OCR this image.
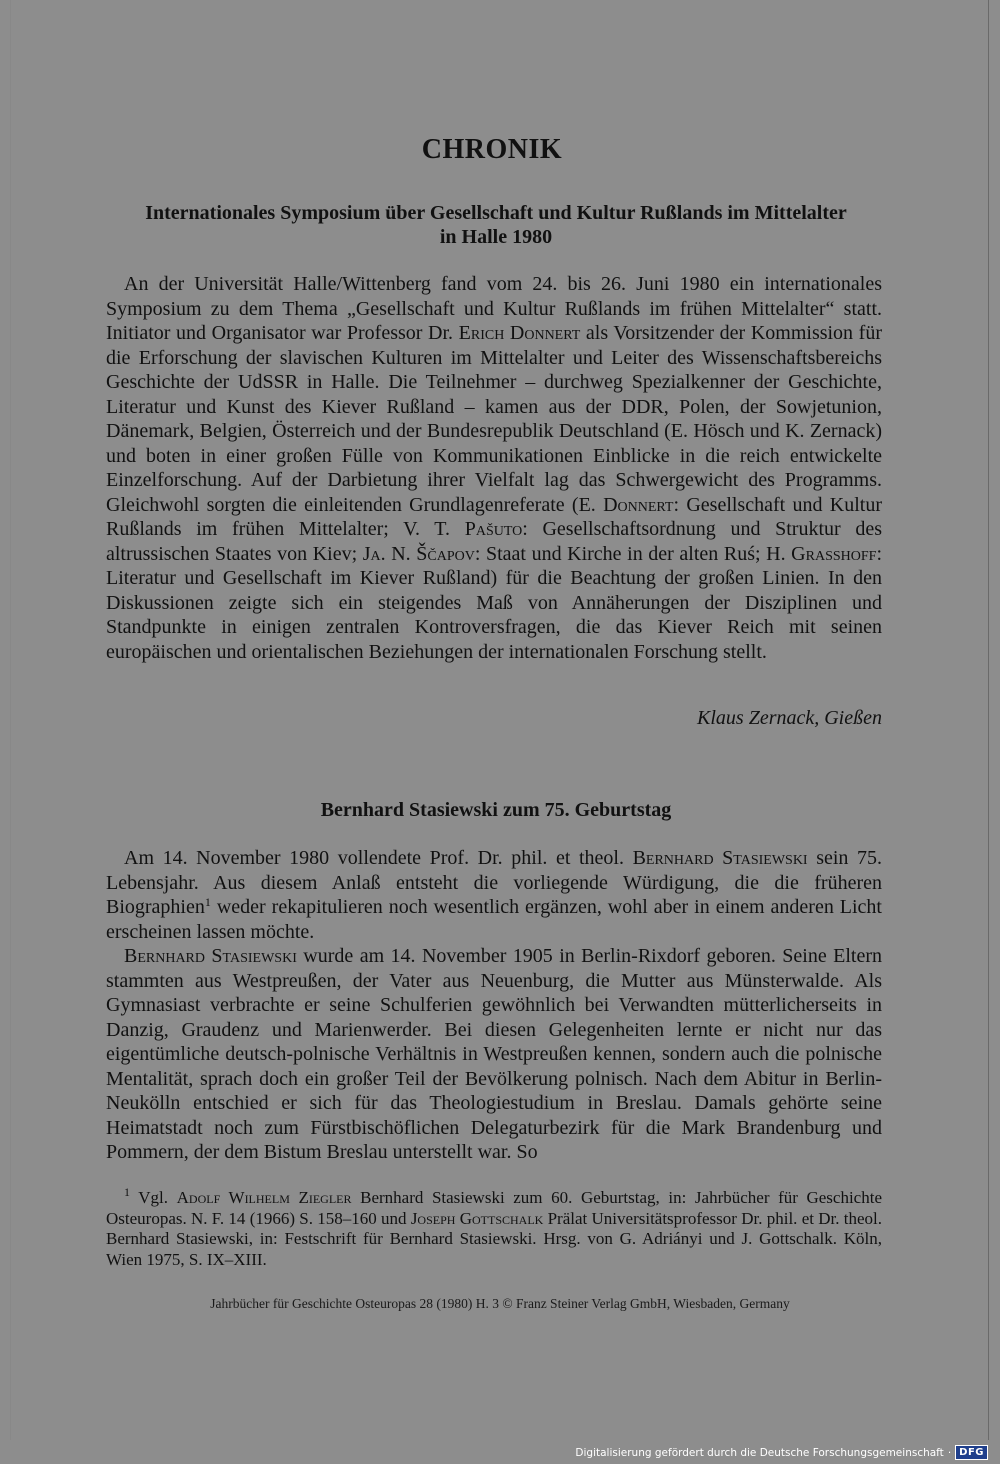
CHRONIK
Internationales Symposium über Gesellschaft und Kultur Rußlands im Mittelalter
in Halle 1980

An der Universität Halle/Wittenberg fand vom 24. bis 26. Juni 1980 ein internationales Symposium zu dem Thema „Gesellschaft und Kultur Rußlands im frühen Mittelalter“ statt. Initiator und Organisator war Professor Dr. Erich Donnert als Vorsitzender der Kommission für die Erforschung der slavischen Kulturen im Mittelalter und Leiter des Wissenschaftsbereichs Geschichte der UdSSR in Halle. Die Teilnehmer – durchweg Spezialkenner der Geschichte, Literatur und Kunst des Kiever Rußland – kamen aus der DDR, Polen, der Sowjetunion, Dänemark, Belgien, Österreich und der Bundesrepublik Deutschland (E. Hösch und K. Zernack) und boten in einer großen Fülle von Kommunikationen Einblicke in die reich entwickelte Einzelforschung. Auf der Darbietung ihrer Vielfalt lag das Schwergewicht des Programms. Gleichwohl sorgten die einleitenden Grundlagenreferate (E. Donnert: Gesellschaft und Kultur Rußlands im frühen Mittelalter; V. T. Pašuto: Gesellschaftsordnung und Struktur des altrussischen Staates von Kiev; Ja. N. Ščapov: Staat und Kirche in der alten Ruś; H. Grasshoff: Literatur und Gesellschaft im Kiever Rußland) für die Beachtung der großen Linien. In den Diskussionen zeigte sich ein steigendes Maß von Annäherungen der Disziplinen und Standpunkte in einigen zentralen Kontroversfragen, die das Kiever Reich mit seinen europäischen und orientalischen Beziehungen der internationalen Forschung stellt.

Klaus Zernack, Gießen
Bernhard Stasiewski zum 75. Geburtstag

Am 14. November 1980 vollendete Prof. Dr. phil. et theol. Bernhard Stasiewski sein 75. Lebensjahr. Aus diesem Anlaß entsteht die vorliegende Würdigung, die die früheren Biographien$^1$ weder rekapitulieren noch wesentlich ergänzen, wohl aber in einem anderen Licht erscheinen lassen möchte.

Bernhard Stasiewski wurde am 14. November 1905 in Berlin-Rixdorf geboren. Seine Eltern stammten aus Westpreußen, der Vater aus Neuenburg, die Mutter aus Münsterwalde. Als Gymnasiast verbrachte er seine Schulferien gewöhnlich bei Verwandten mütterlicherseits in Danzig, Graudenz und Marienwerder. Bei diesen Gelegenheiten lernte er nicht nur das eigentümliche deutsch-polnische Verhältnis in Westpreußen kennen, sondern auch die polnische Mentalität, sprach doch ein großer Teil der Bevölkerung polnisch. Nach dem Abitur in Berlin-Neukölln entschied er sich für das Theologiestudium in Breslau. Damals gehörte seine Heimatstadt noch zum Fürstbischöflichen Delegaturbezirk für die Mark Brandenburg und Pommern, der dem Bistum Breslau unterstellt war. So

$^1$ Vgl. Adolf Wilhelm Ziegler Bernhard Stasiewski zum 60. Geburtstag, in: Jahrbücher für Geschichte Osteuropas. N. F. 14 (1966) S. 158–160 und Joseph Gottschalk Prälat Universitätsprofessor Dr. phil. et Dr. theol. Bernhard Stasiewski, in: Festschrift für Bernhard Stasiewski. Hrsg. von G. Adriányi und J. Gottschalk. Köln, Wien 1975, S. IX–XIII.

Jahrbücher für Geschichte Osteuropas 28 (1980) H. 3 © Franz Steiner Verlag GmbH, Wiesbaden, Germany
Digitalisierung gefördert durch die Deutsche Forschungsgemeinschaft · DFG
